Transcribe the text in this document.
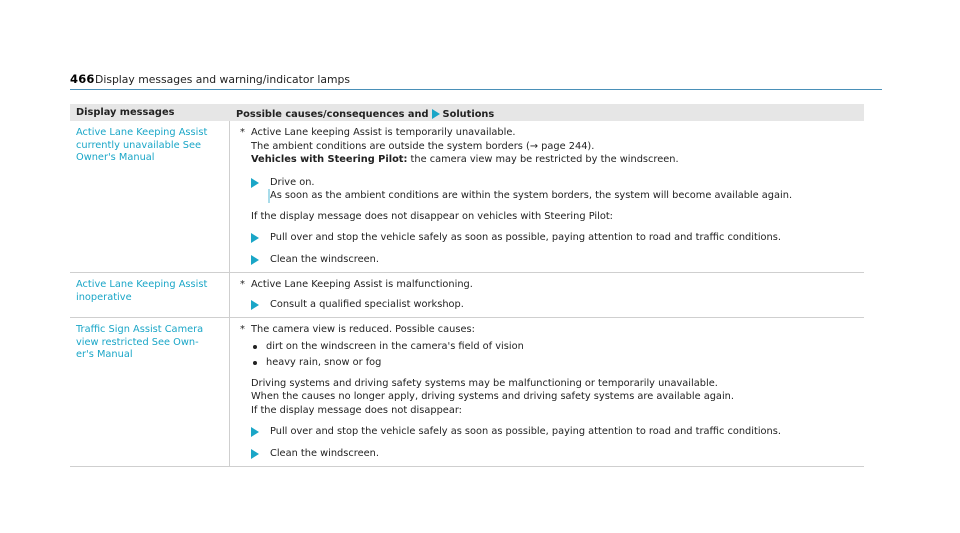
466 Display messages and warning/indicator lamps
Display messages	Possible causes/consequences and Solutions
Active Lane Keeping Assist
currently unavailable See
Owner's Manual
* Active Lane keeping Assist is temporarily unavailable.
The ambient conditions are outside the system borders (→ page 244).
Vehicles with Steering Pilot: the camera view may be restricted by the windscreen.
Drive on.
As soon as the ambient conditions are within the system borders, the system will become available again.
If the display message does not disappear on vehicles with Steering Pilot:
Pull over and stop the vehicle safely as soon as possible, paying attention to road and traffic conditions.
Clean the windscreen.
Active Lane Keeping Assist
inoperative
* Active Lane Keeping Assist is malfunctioning.
Consult a qualified specialist workshop.
Traffic Sign Assist Camera
view restricted See Own-
er's Manual
* The camera view is reduced. Possible causes:
dirt on the windscreen in the camera's field of vision
heavy rain, snow or fog
Driving systems and driving safety systems may be malfunctioning or temporarily unavailable.
When the causes no longer apply, driving systems and driving safety systems are available again.
If the display message does not disappear:
Pull over and stop the vehicle safely as soon as possible, paying attention to road and traffic conditions.
Clean the windscreen.
